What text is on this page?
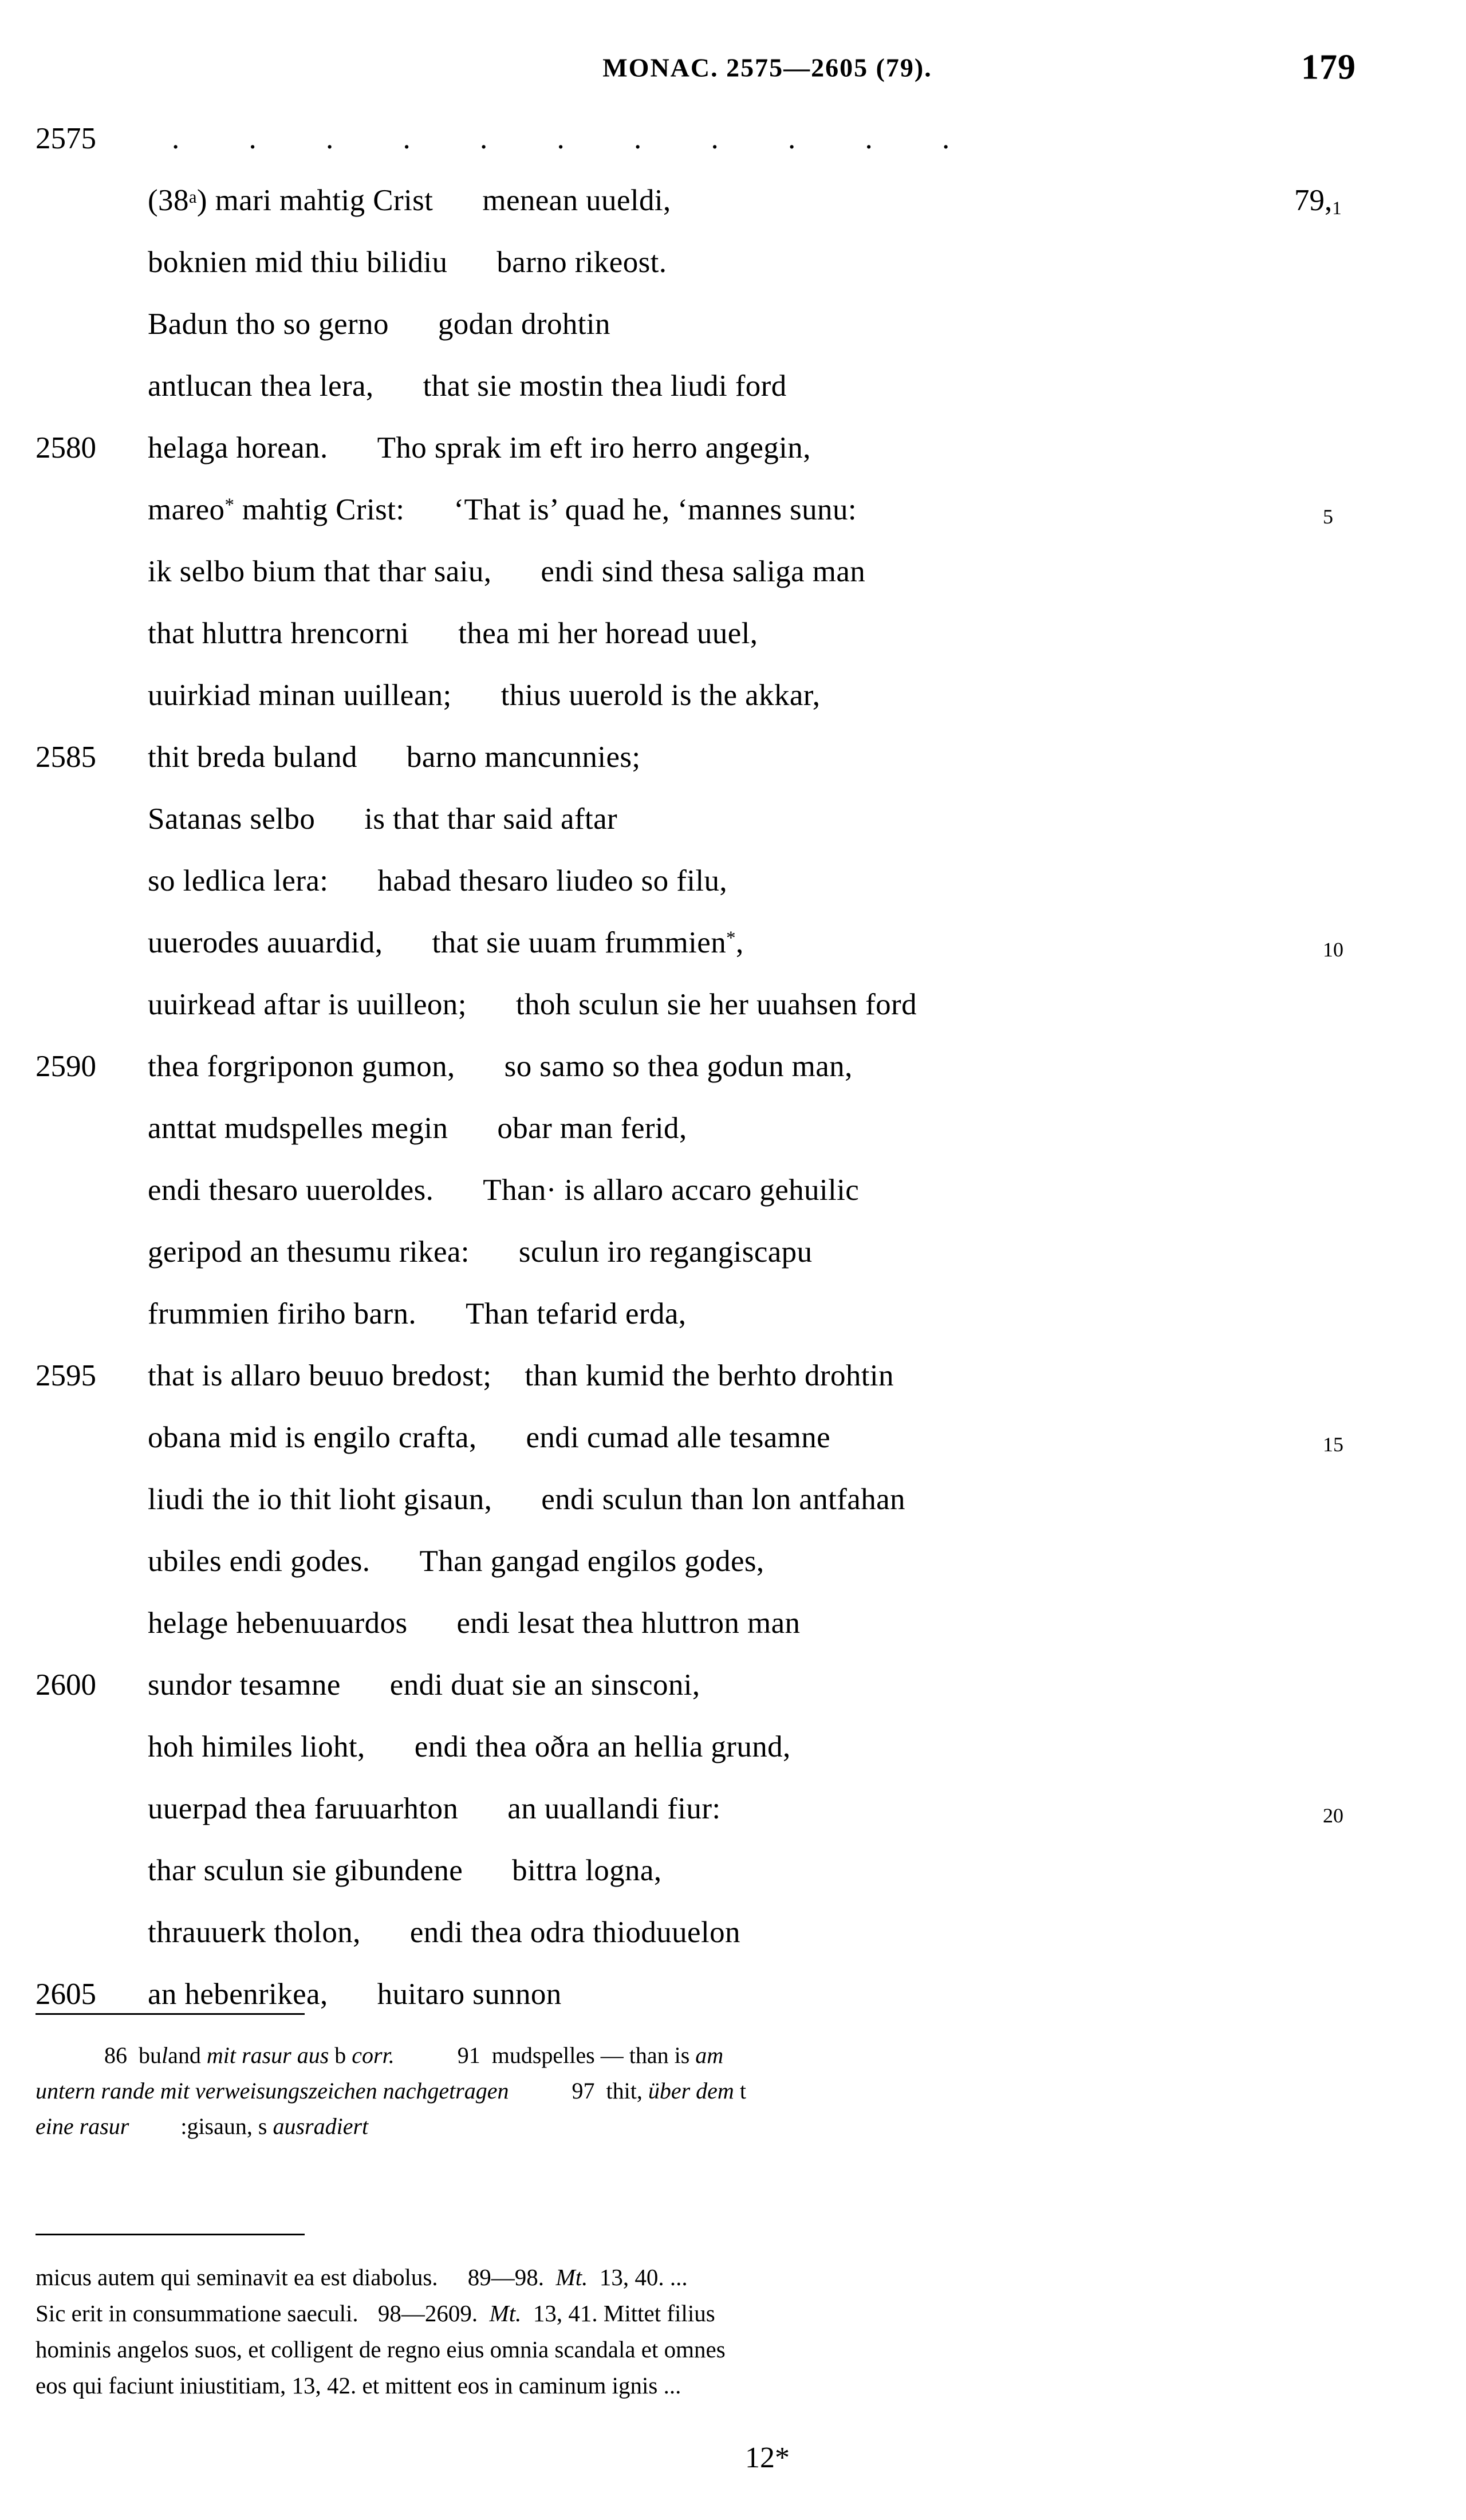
MONAC. 2575—2605 (79).	179
2575	. . . . . . . . . . .
(38$^a$) mari mahtig Crist menean uueldi,	79,1
boknien mid thiu bilidiu barno rikeost.
Badun tho so gerno godan drohtin
antlucan thea lera, that sie mostin thea liudi ford
2580	helaga horean. Tho sprak im eft iro herro angegin,
mareo* mahtig Crist: ‘That is’ quad he, ‘mannes sunu:	5
ik selbo bium that thar saiu, endi sind thesa saliga man
that hluttra hrencorni thea mi her horead uuel,
uuirkiad minan uuillean; thius uuerold is the akkar,
2585	thit breda buland barno mancunnies;
Satanas selbo is that thar said aftar
so ledlica lera: habad thesaro liudeo so filu,
uuerodes auuardid, that sie uuam frummien*,	10
uuirkead aftar is uuilleon; thoh sculun sie her uuahsen ford
2590	thea forgriponon gumon, so samo so thea godun man,
anttat mudspelles megin obar man ferid,
endi thesaro uueroldes. Than· is allaro accaro gehuilic
geripod an thesumu rikea: sculun iro regangiscapu
frummien firiho barn. Than tefarid erda,
2595	that is allaro beuuo bredost; than kumid the berhto drohtin
obana mid is engilo crafta, endi cumad alle tesamne	15
liudi the io thit lioht gisaun, endi sculun than lon antfahan
ubiles endi godes. Than gangad engilos godes,
helage hebenuuardos endi lesat thea hluttron man
2600	sundor tesamne endi duat sie an sinsconi,
hoh himiles lioht, endi thea oðra an hellia grund,
uuerpad thea faruuarhton an uuallandi fiur:	20
thar sculun sie gibundene bittra logna,
thrauuerk tholon, endi thea odra thioduuelon
2605	an hebenrikea, huitaro sunnon
86 buland mit rasur aus b corr.	91 mudspelles — than is am
untern rande mit verweisungszeichen nachgetragen	97 thit, über dem t
eine rasur :gisaun, s ausradiert
micus autem qui seminavit ea est diabolus. 89—98. Mt. 13, 40. ...
Sic erit in consummatione saeculi. 98—2609. Mt. 13, 41. Mittet filius
hominis angelos suos, et colligent de regno eius omnia scandala et omnes
eos qui faciunt iniustitiam, 13, 42. et mittent eos in caminum ignis ...
12*
